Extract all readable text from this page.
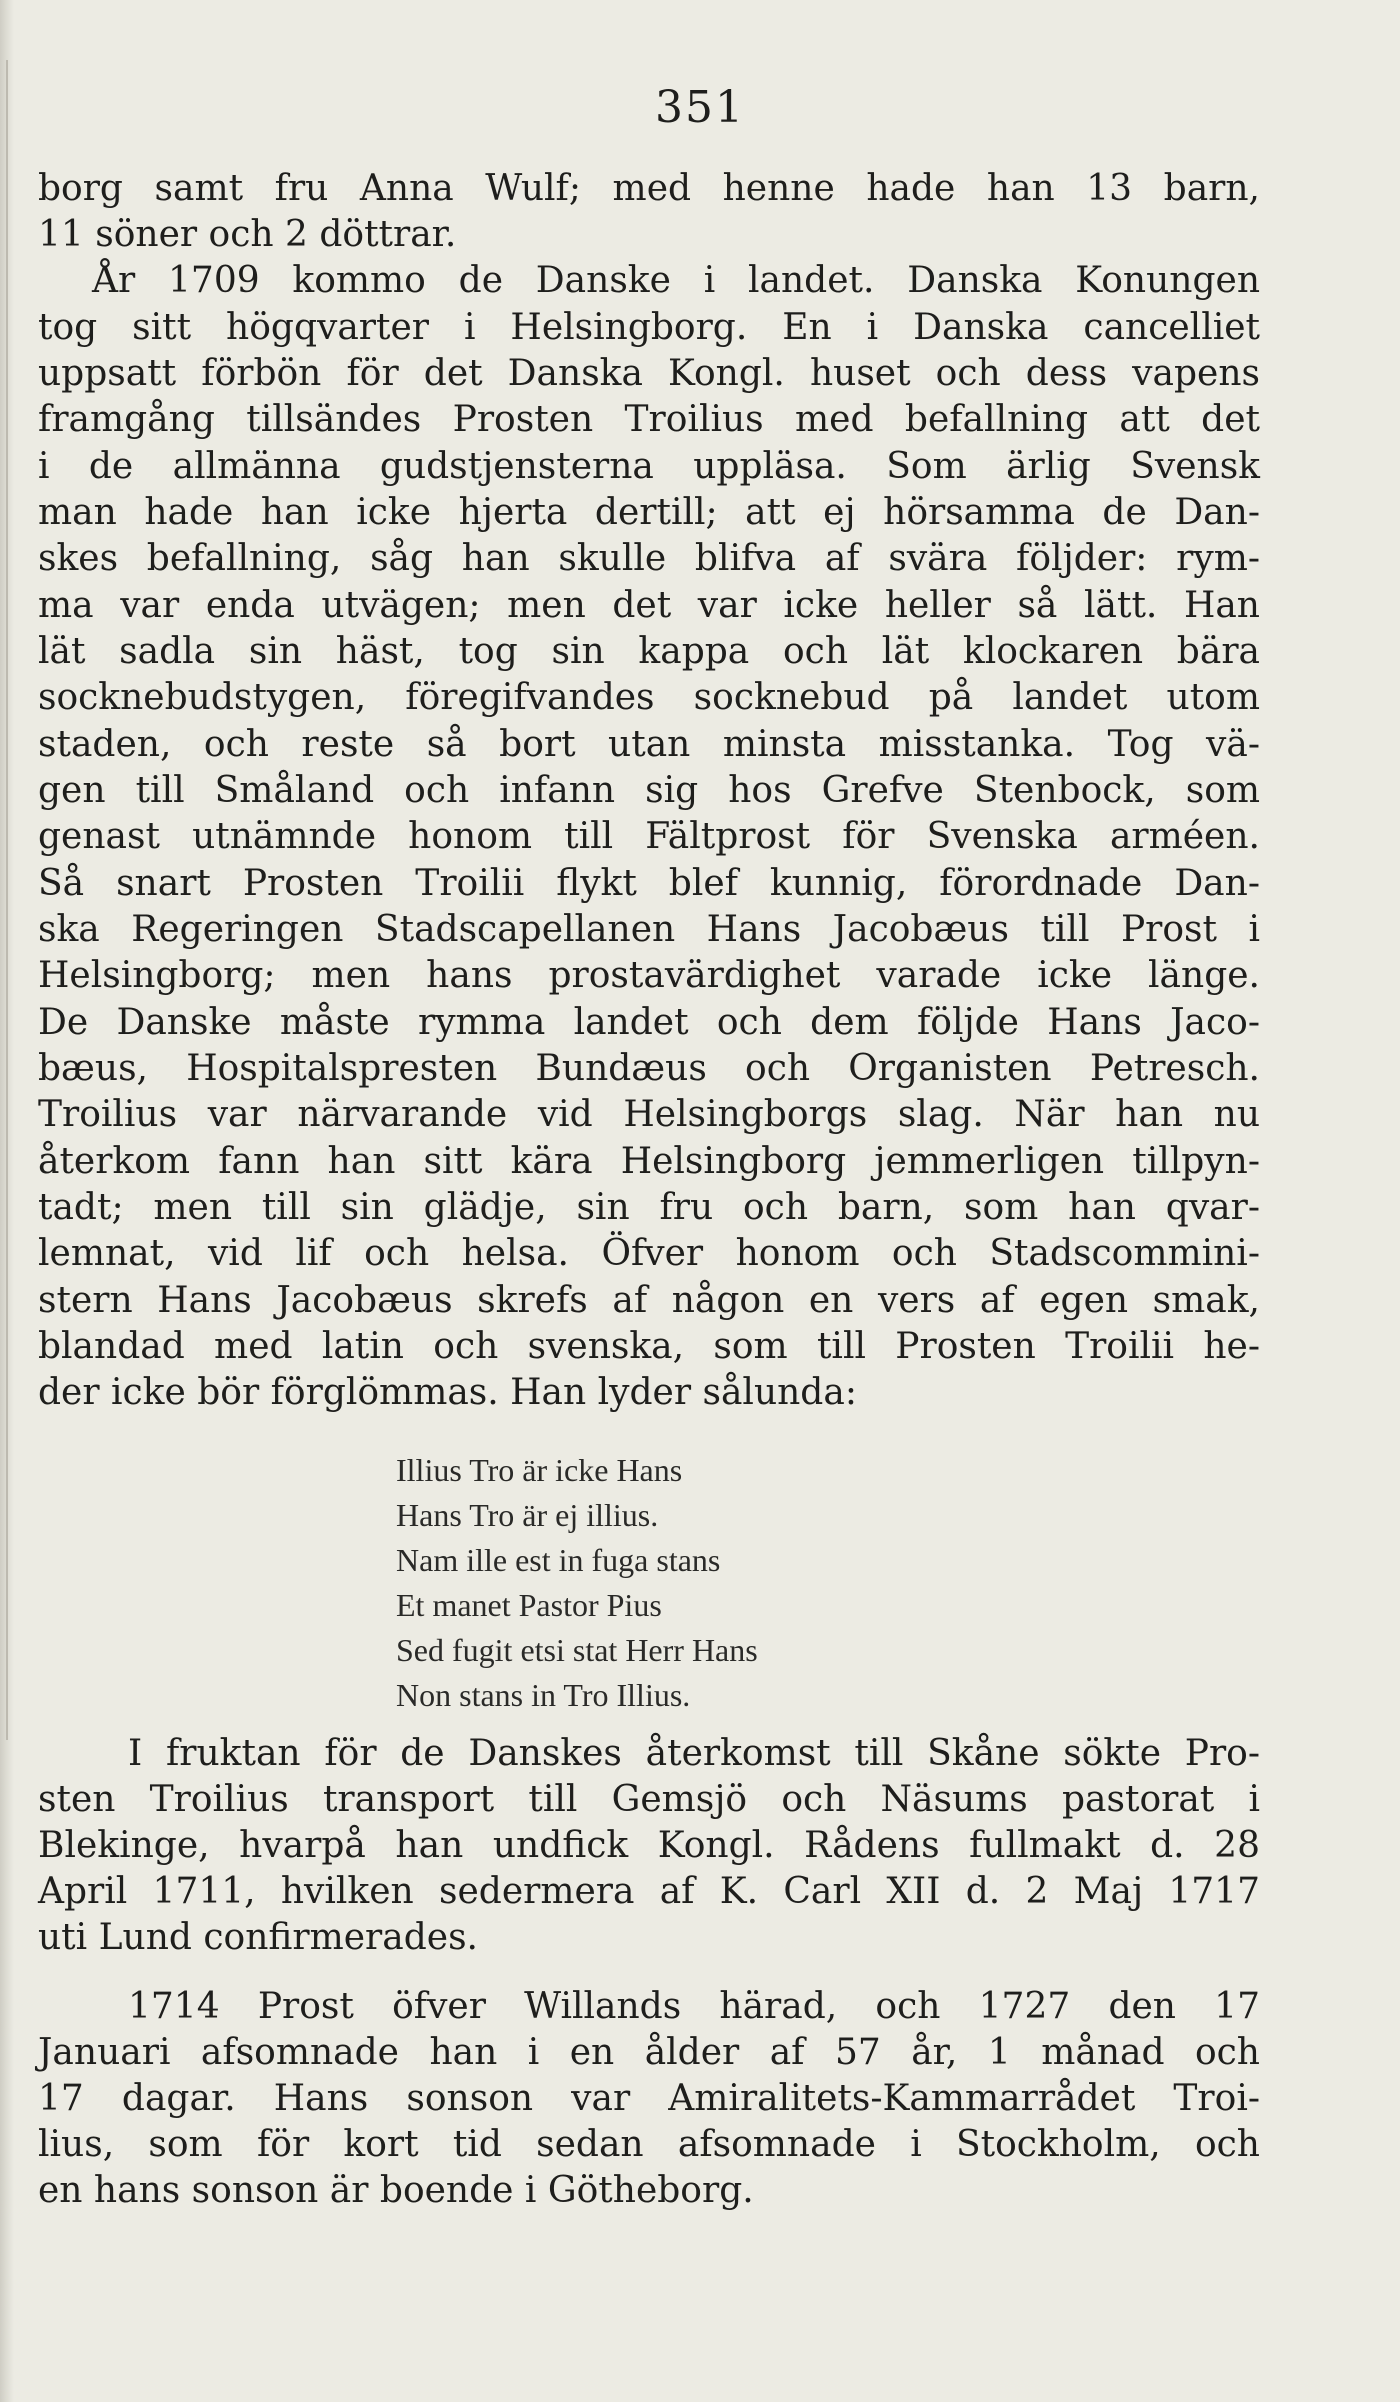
351
borg samt fru Anna Wulf; med henne hade han 13 barn,
11 söner och 2 döttrar.
År 1709 kommo de Danske i landet. Danska Konungen
tog sitt högqvarter i Helsingborg. En i Danska cancelliet
uppsatt förbön för det Danska Kongl. huset och dess vapens
framgång tillsändes Prosten Troilius med befallning att det
i de allmänna gudstjensterna uppläsa. Som ärlig Svensk
man hade han icke hjerta dertill; att ej hörsamma de Dan-
skes befallning, såg han skulle blifva af svära följder: rym-
ma var enda utvägen; men det var icke heller så lätt. Han
lät sadla sin häst, tog sin kappa och lät klockaren bära
socknebudstygen, föregifvandes socknebud på landet utom
staden, och reste så bort utan minsta misstanka. Tog vä-
gen till Småland och infann sig hos Grefve Stenbock, som
genast utnämnde honom till Fältprost för Svenska arméen.
Så snart Prosten Troilii flykt blef kunnig, förordnade Dan-
ska Regeringen Stadscapellanen Hans Jacobæus till Prost i
Helsingborg; men hans prostavärdighet varade icke länge.
De Danske måste rymma landet och dem följde Hans Jaco-
bæus, Hospitalspresten Bundæus och Organisten Petresch.
Troilius var närvarande vid Helsingborgs slag. När han nu
återkom fann han sitt kära Helsingborg jemmerligen tillpyn-
tadt; men till sin glädje, sin fru och barn, som han qvar-
lemnat, vid lif och helsa. Öfver honom och Stadscommini-
stern Hans Jacobæus skrefs af någon en vers af egen smak,
blandad med latin och svenska, som till Prosten Troilii he-
der icke bör förglömmas. Han lyder sålunda:
Illius Tro är icke Hans
Hans Tro är ej illius.
Nam ille est in fuga stans
Et manet Pastor Pius
Sed fugit etsi stat Herr Hans
Non stans in Tro Illius.
I fruktan för de Danskes återkomst till Skåne sökte Pro-
sten Troilius transport till Gemsjö och Näsums pastorat i
Blekinge, hvarpå han undfick Kongl. Rådens fullmakt d. 28
April 1711, hvilken sedermera af K. Carl XII d. 2 Maj 1717
uti Lund confirmerades.
1714 Prost öfver Willands härad, och 1727 den 17
Januari afsomnade han i en ålder af 57 år, 1 månad och
17 dagar. Hans sonson var Amiralitets-Kammarrådet Troi-
lius, som för kort tid sedan afsomnade i Stockholm, och
en hans sonson är boende i Götheborg.
